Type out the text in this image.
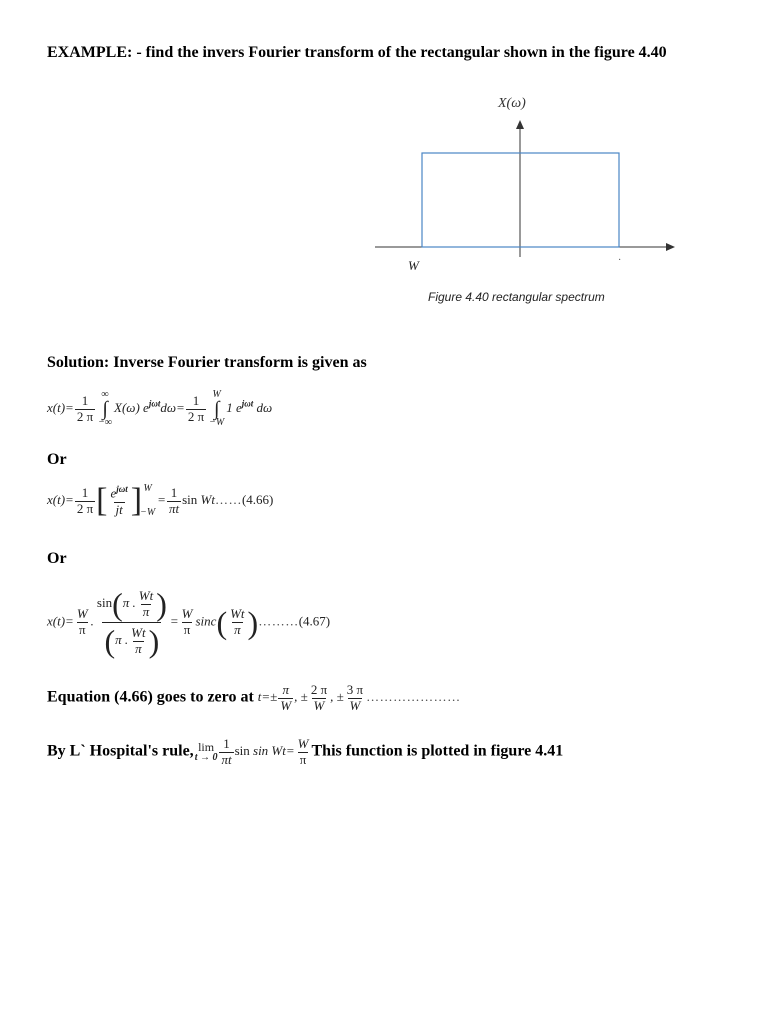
EXAMPLE: - find the invers Fourier transform of the rectangular shown in the figure 4.40
X(ω)
W	·
Figure 4.40 rectangular spectrum
Solution: Inverse Fourier transform is given as
$x(t)= \frac{1}{2 \pi}$ ∞
∫
−∞
X(ω) $e^{j\omega t}d\omega= \frac{1}{2 \pi}$ W
∫
−W
1 $e^{j\omega t}$ dω
Or
$x(t)= \frac{1}{2 \pi}$ [ $\frac{e^{j\omega t}}{jt}$ ] W
−W
= $\frac{1}{\pi t}$ sin Wt……(4.66)
Or
$x(t)= \frac{W}{\pi}$ . $\frac{\sin(\pi . \frac{Wt}{\pi} )}{(\pi . \frac{Wt}{\pi} )} = \frac{W}{\pi} \sin c( \frac{Wt}{\pi}$ )………(4.67)
Equation (4.66) goes to zero at $t=\pm \frac{\pi}{W}$ , ± $\frac{2 \pi}{W}$ , ± $\frac{3 \pi}{W}$ …………………
By L` Hospital's rule, lim
$t \to 0 \frac{1}{\pi t}$ $\sin \sin Wt= \frac{W}{\pi}$ This function is plotted in figure 4.41
